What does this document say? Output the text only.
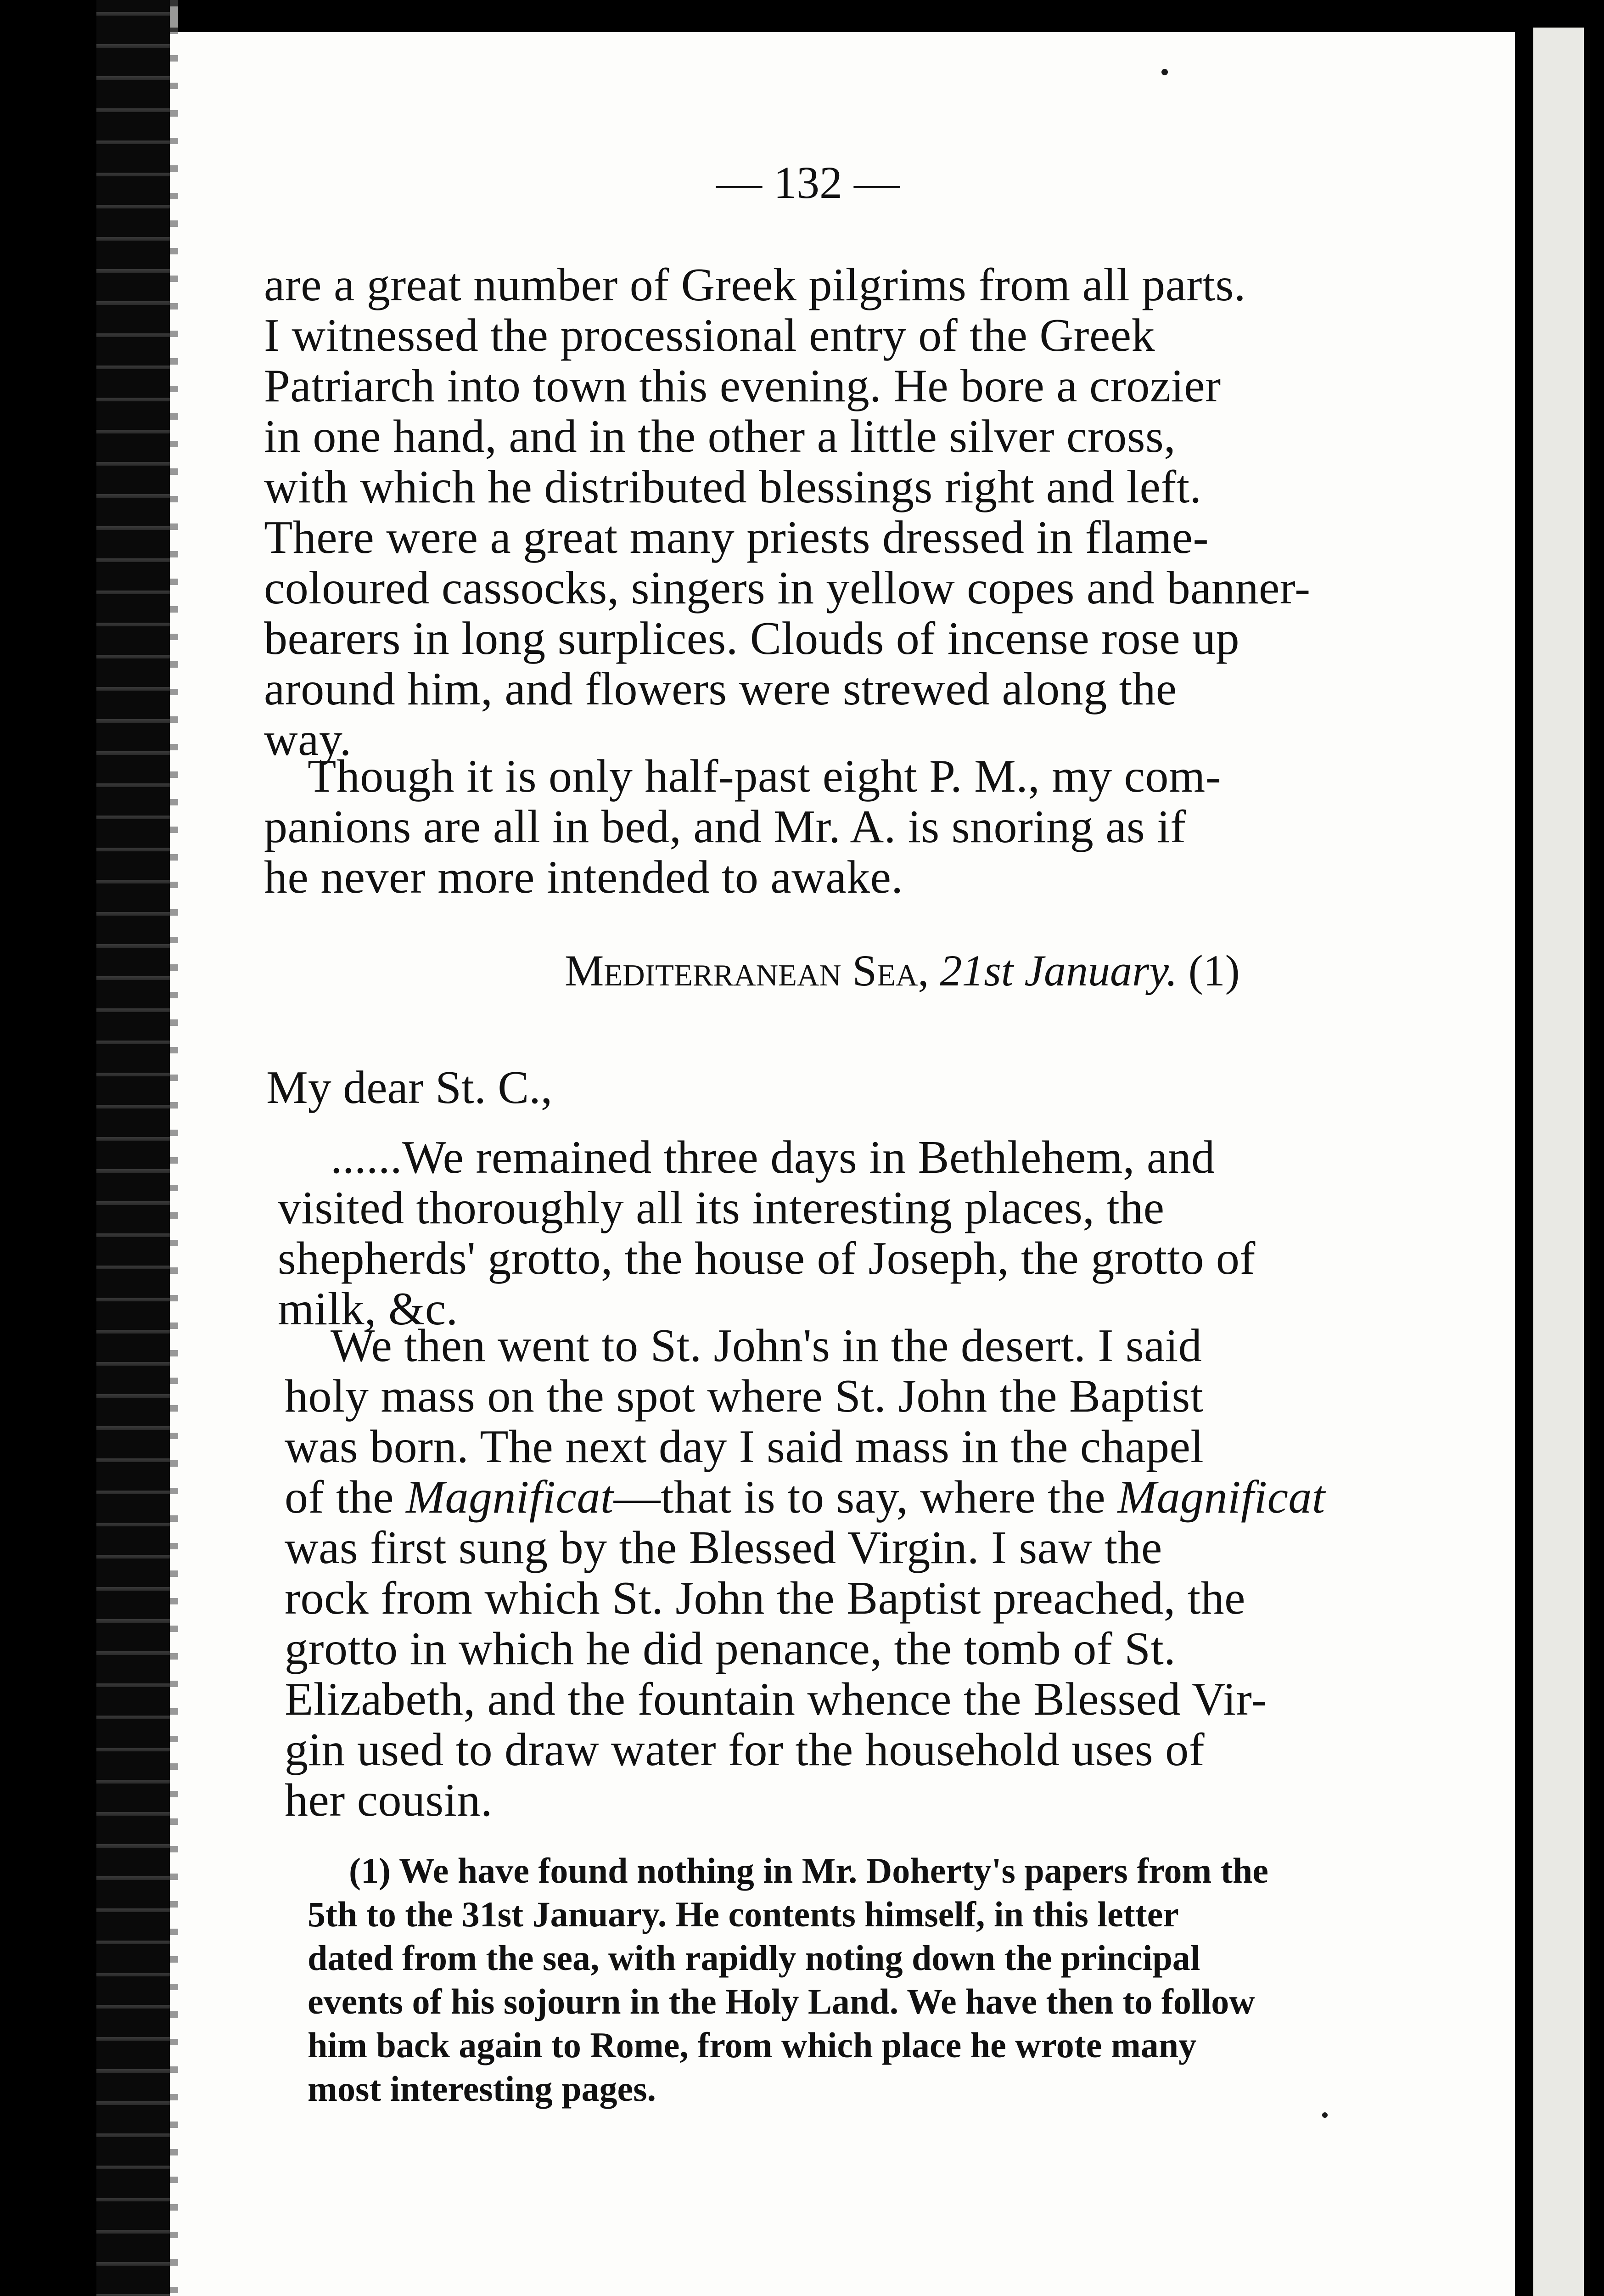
— 132 —
are a great number of Greek pilgrims from all parts.
I witnessed the processional entry of the Greek
Patriarch into town this evening. He bore a crozier
in one hand, and in the other a little silver cross,
with which he distributed blessings right and left.
There were a great many priests dressed in flame-
coloured cassocks, singers in yellow copes and banner-
bearers in long surplices. Clouds of incense rose up
around him, and flowers were strewed along the
way.
Though it is only half-past eight P. M., my com-
panions are all in bed, and Mr. A. is snoring as if
he never more intended to awake.
Mediterranean Sea, 21st January. (1)
My dear St. C.,
......We remained three days in Bethlehem, and
visited thoroughly all its interesting places, the
shepherds' grotto, the house of Joseph, the grotto of
milk, &c.
We then went to St. John's in the desert. I said
holy mass on the spot where St. John the Baptist
was born. The next day I said mass in the chapel
of the Magnificat—that is to say, where the Magnificat
was first sung by the Blessed Virgin. I saw the
rock from which St. John the Baptist preached, the
grotto in which he did penance, the tomb of St.
Elizabeth, and the fountain whence the Blessed Vir-
gin used to draw water for the household uses of
her cousin.
(1) We have found nothing in Mr. Doherty's papers from the
5th to the 31st January. He contents himself, in this letter
dated from the sea, with rapidly noting down the principal
events of his sojourn in the Holy Land. We have then to follow
him back again to Rome, from which place he wrote many
most interesting pages.
